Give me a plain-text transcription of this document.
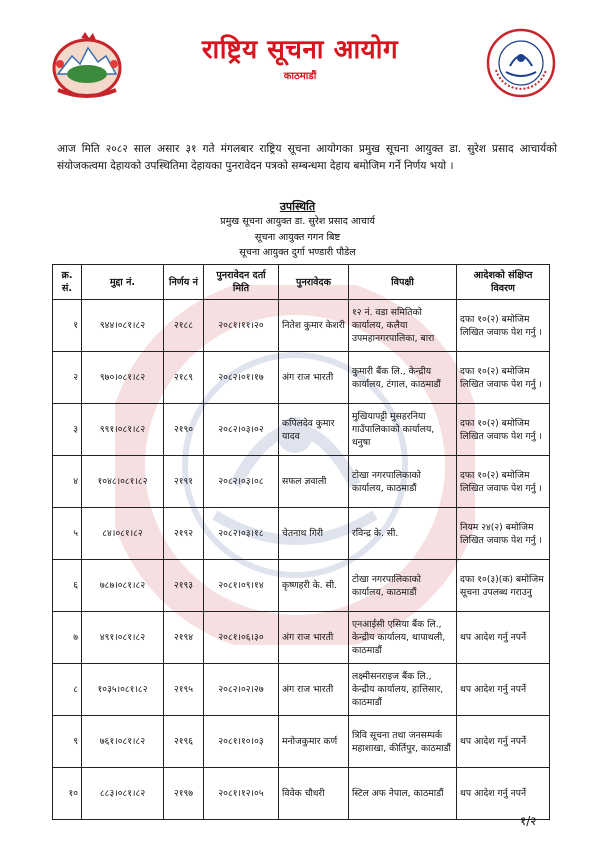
राष्ट्रिय सूचना आयोग
काठमाडौं
आज मिति २०८२ साल असार ३१ गते मंगलबार राष्ट्रिय सूचना आयोगका प्रमुख सूचना आयुक्त डा. सुरेश प्रसाद आचार्यको संयोजकत्वमा देहायको उपस्थितिमा देहायका पुनरावेदन पत्रको सम्बन्धमा देहाय बमोजिम गर्ने निर्णय भयो ।
उपस्थिति
प्रमुख सूचना आयुक्त डा. सुरेश प्रसाद आचार्य
सूचना आयुक्त गगन बिष्ट
सूचना आयुक्त दुर्गा भण्डारी पौडेल
क्र. सं.	मुद्दा नं.	निर्णय नं	पुनरावेदन दर्ता मिति	पुनरावेदक	विपक्षी	आदेशको संक्षिप्त विवरण
१	९४४।०८१।८२	२१८८	२०८१।११।२०	नितेश कुमार केशरी	१२ नं. वडा समितिको कार्यालय, कलैया उपमहानगरपालिका, बारा	दफा १०(२) बमोजिम लिखित जवाफ पेश गर्नु ।
२	९७०।०८१।८२	२१८९	२०८२।०१।१७	अंग राज भारती	कुमारी बैंक लि., केन्द्रीय कार्यालय, टंगाल, काठमाडौं	दफा १०(२) बमोजिम लिखित जवाफ पेश गर्नु ।
३	९९१।०८१।८२	२१९०	२०८२।०३।०२	कपिलदेव कुमार यादव	मुखियापट्टी मुसहरनिया गाउँपालिकाको कार्यालय, धनुषा	दफा १०(२) बमोजिम लिखित जवाफ पेश गर्नु ।
४	१०४८।०८१।८२	२१९१	२०८२।०३।०८	सफल ज्ञवाली	टोखा नगरपालिकाको कार्यालय, काठमाडौं	दफा १०(२) बमोजिम लिखित जवाफ पेश गर्नु ।
५	८४।०८१।८२	२१९२	२०८२।०३।१८	चेतनाथ गिरी	रविन्द्र के. सी.	नियम २४(२) बमोजिम लिखित जवाफ पेश गर्नु ।
६	७८७।०८१।८२	२१९३	२०८१।०९।१४	कृष्णहरी के. सी.	टोखा नगरपालिकाको कार्यालय, काठमाडौं	दफा १०(३)(क) बमोजिम सूचना उपलब्ध गराउनु
७	४९१।०८१।८२	२१९४	२०८१।०६।३०	अंग राज भारती	एनआईसी एसिया बैंक लि., केन्द्रीय कार्यालय, थापाथली, काठमाडौं	थप आदेश गर्नु नपर्ने
८	१०३५।०८१।८२	२१९५	२०८२।०२।२७	अंग राज भारती	लक्ष्मीसनराइज बैंक लि., केन्द्रीय कार्यालय, हात्तिसार, काठमाडौं	थप आदेश गर्नु नपर्ने
९	७६१।०८१।८२	२१९६	२०८१।१०।०३	मनोजकुमार कर्ण	त्रिवि सूचना तथा जनसम्पर्क महाशाखा, कीर्तिपुर, काठमाडौं	थप आदेश गर्नु नपर्ने
१०	८८३।०८१।८२	२१९७	२०८१।१२।०५	विवेक चौधरी	स्टिल अफ नेपाल, काठमाडौं	थप आदेश गर्नु नपर्ने
१/२
